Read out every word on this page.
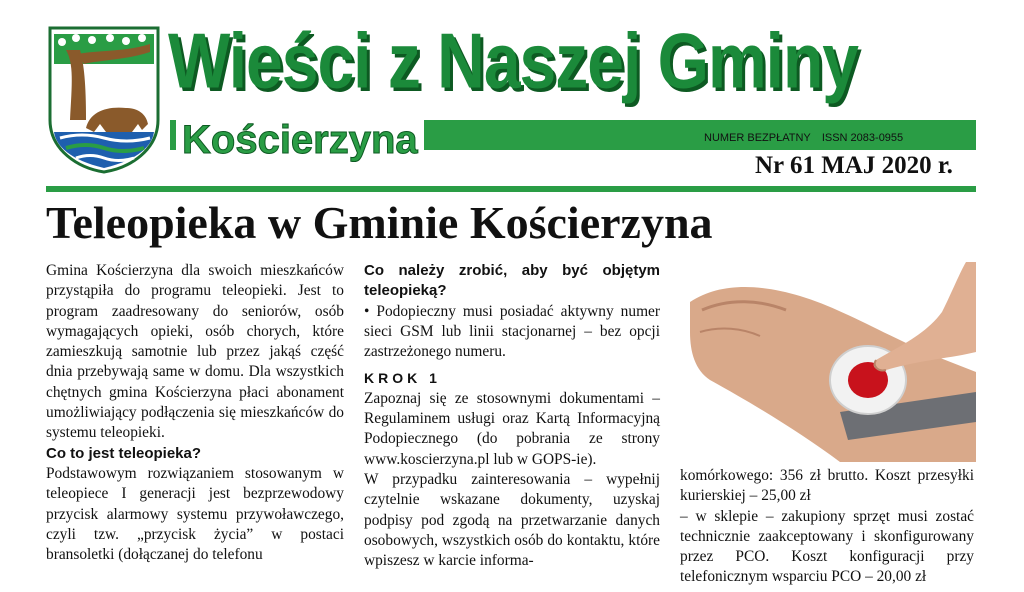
Wieści z Naszej Gminy
Kościerzyna	NUMER BEZPŁATNY ISSN 2083-0955
Nr 61 MAJ 2020 r.
Teleopieka w Gminie Kościerzyna

Gmina Kościerzyna dla swoich mieszkańców przystąpiła do programu teleopieki. Jest to program zaadresowany do seniorów, osób wymagających opieki, osób chorych, które zamieszkują samotnie lub przez jakąś część dnia przebywają same w domu. Dla wszystkich chętnych gmina Kościerzyna płaci abonament umożliwiający podłączenia się mieszkańców do systemu teleopieki.

Co to jest teleopieka?

Podstawowym rozwiązaniem stosowanym w teleopiece I generacji jest bezprzewodowy przycisk alarmowy systemu przywoławczego, czyli tzw. „przycisk życia” w postaci bransoletki (dołączanej do telefonu

Co należy zrobić, aby być objętym teleopieką?

• Podopieczny musi posiadać aktywny numer sieci GSM lub linii stacjonarnej – bez opcji zastrzeżonego numeru.

KROK 1

Zapoznaj się ze stosownymi dokumentami – Regulaminem usługi oraz Kartą Informacyjną Podopiecznego (do pobrania ze strony www.koscierzyna.pl lub w GOPS-ie).

W przypadku zainteresowania – wypełnij czytelnie wskazane dokumenty, uzyskaj podpisy pod zgodą na przetwarzanie danych osobowych, wszystkich osób do kontaktu, które wpiszesz w karcie informa-

komórkowego: 356 zł brutto. Koszt przesyłki kurierskiej – 25,00 zł

– w sklepie – zakupiony sprzęt musi zostać technicznie zaakceptowany i skonfigurowany przez PCO. Koszt konfiguracji przy telefonicznym wsparciu PCO – 20,00 zł
